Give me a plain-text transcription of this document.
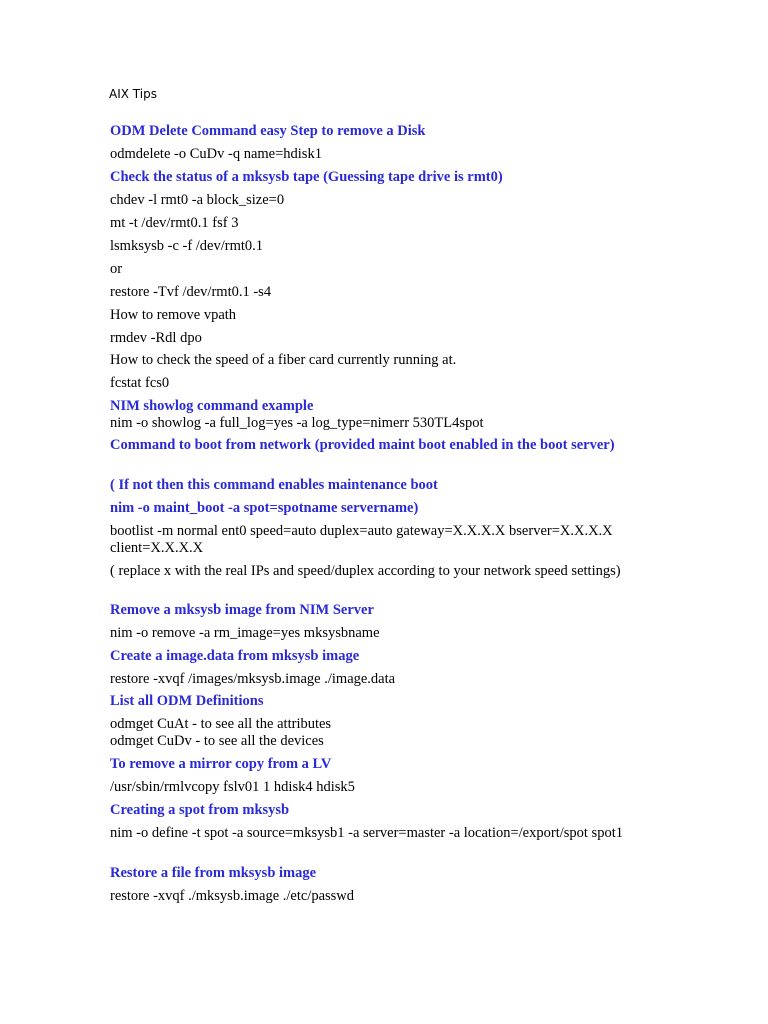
AIX Tips
ODM Delete Command easy Step to remove a Disk
odmdelete -o CuDv -q name=hdisk1
Check the status of a mksysb tape (Guessing tape drive is rmt0)
chdev -l rmt0 -a block_size=0
mt -t /dev/rmt0.1 fsf 3
lsmksysb -c -f /dev/rmt0.1
or
restore -Tvf /dev/rmt0.1 -s4
How to remove vpath
rmdev -Rdl dpo
How to check the speed of a fiber card currently running at.
fcstat fcs0
NIM showlog command example
nim -o showlog -a full_log=yes -a log_type=nimerr 530TL4spot
Command to boot from network (provided maint boot enabled in the boot server)
( If not then this command enables maintenance boot
nim -o maint_boot -a spot=spotname servername)
bootlist -m normal ent0 speed=auto duplex=auto gateway=X.X.X.X bserver=X.X.X.X client=X.X.X.X
( replace x with the real IPs and speed/duplex according to your network speed settings)
Remove a mksysb image from NIM Server
nim -o remove -a rm_image=yes mksysbname
Create a image.data from mksysb image
restore -xvqf /images/mksysb.image ./image.data
List all ODM Definitions
odmget CuAt - to see all the attributes
odmget CuDv - to see all the devices
To remove a mirror copy from a LV
/usr/sbin/rmlvcopy fslv01 1 hdisk4 hdisk5
Creating a spot from mksysb
nim -o define -t spot -a source=mksysb1 -a server=master -a location=/export/spot spot1
Restore a file from mksysb image
restore -xvqf ./mksysb.image ./etc/passwd
